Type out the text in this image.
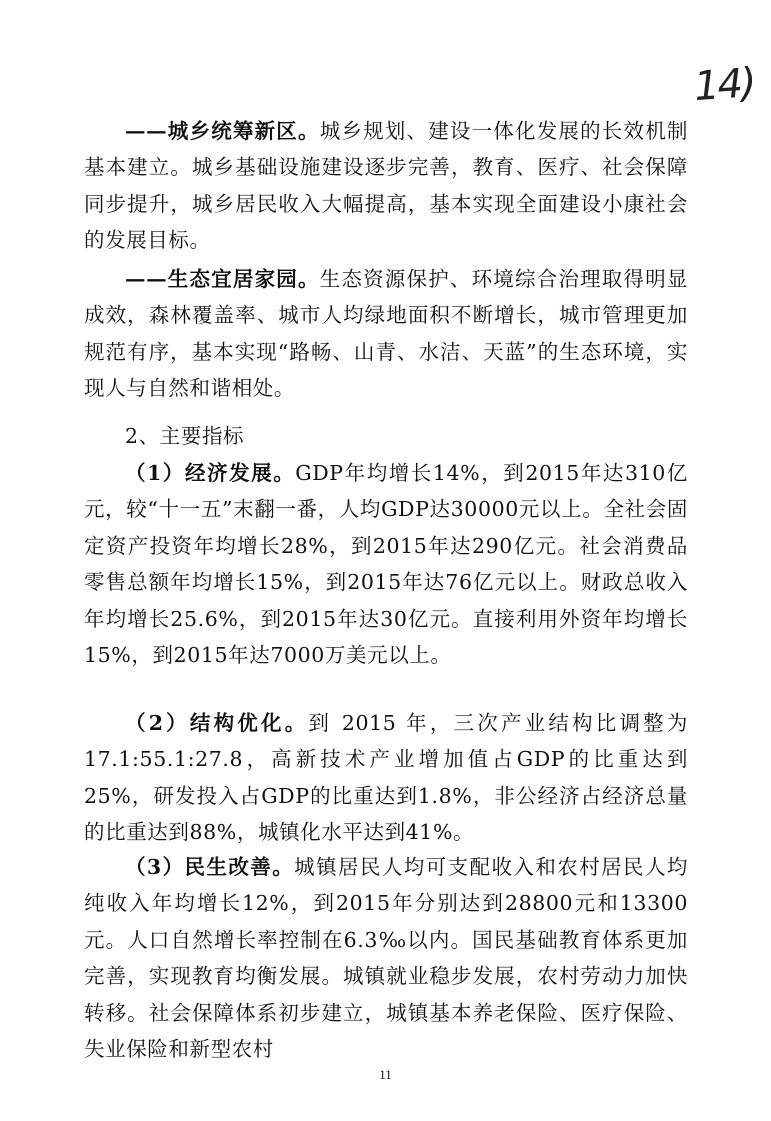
14)

——城乡统筹新区。城乡规划、建设一体化发展的长效机制基本建立。城乡基础设施建设逐步完善，教育、医疗、社会保障同步提升，城乡居民收入大幅提高，基本实现全面建设小康社会的发展目标。

——生态宜居家园。生态资源保护、环境综合治理取得明显成效，森林覆盖率、城市人均绿地面积不断增长，城市管理更加规范有序，基本实现“路畅、山青、水洁、天蓝”的生态环境，实现人与自然和谐相处。

2、主要指标

（1）经济发展。GDP年均增长14%，到2015年达310亿元，较“十一五”末翻一番，人均GDP达30000元以上。全社会固定资产投资年均增长28%，到2015年达290亿元。社会消费品零售总额年均增长15%，到2015年达76亿元以上。财政总收入年均增长25.6%，到2015年达30亿元。直接利用外资年均增长15%，到2015年达7000万美元以上。

（2）结构优化。到 2015 年，三次产业结构比调整为17.1:55.1:27.8，高新技术产业增加值占GDP的比重达到25%，研发投入占GDP的比重达到1.8%，非公经济占经济总量的比重达到88%，城镇化水平达到41%。

（3）民生改善。城镇居民人均可支配收入和农村居民人均纯收入年均增长12%，到2015年分别达到28800元和13300元。人口自然增长率控制在6.3‰以内。国民基础教育体系更加完善，实现教育均衡发展。城镇就业稳步发展，农村劳动力加快转移。社会保障体系初步建立，城镇基本养老保险、医疗保险、失业保险和新型农村

11
